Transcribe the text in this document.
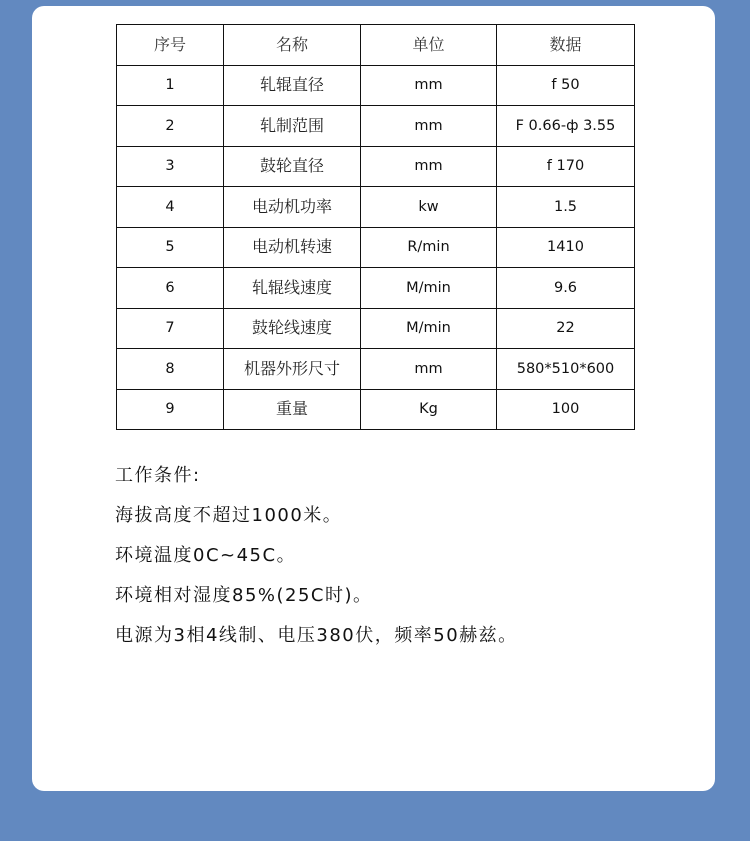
序号	名称	单位	数据
1	轧辊直径	mm	f 50
2	轧制范围	mm	F 0.66-ф 3.55
3	鼓轮直径	mm	f 170
4	电动机功率	kw	1.5
5	电动机转速	R/min	1410
6	轧辊线速度	M/min	9.6
7	鼓轮线速度	M/min	22
8	机器外形尺寸	mm	580*510*600
9	重量	Kg	100

工作条件:

海拔高度不超过1000米。

环境温度0C~45C。

环境相对湿度85%(25C时)。

电源为3相4线制、电压380伏，频率50赫兹。
